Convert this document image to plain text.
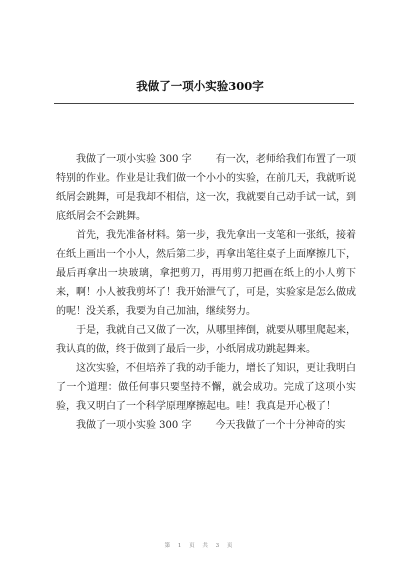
我做了一项小实验300字

我做了一项小实验 300 字 有一次，老师给我们布置了一项特别的作业。作业是让我们做一个小小的实验，在前几天，我就听说纸屑会跳舞，可是我却不相信，这一次，我就要自己动手试一试，到底纸屑会不会跳舞。

首先，我先准备材料。第一步，我先拿出一支笔和一张纸，接着在纸上画出一个小人，然后第二步，再拿出笔往桌子上面摩擦几下，最后再拿出一块玻璃，拿把剪刀，再用剪刀把画在纸上的小人剪下来，啊！小人被我剪坏了！我开始泄气了，可是，实验家是怎么做成的呢！没关系，我要为自己加油，继续努力。

于是，我就自己又做了一次，从哪里摔倒，就要从哪里爬起来，我认真的做，终于做到了最后一步，小纸屑成功跳起舞来。

这次实验，不但培养了我的动手能力，增长了知识，更让我明白了一个道理：做任何事只要坚持不懈，就会成功。完成了这项小实验，我又明白了一个科学原理摩擦起电。哇！我真是开心极了！

我做了一项小实验 300 字 今天我做了一个十分神奇的实

第 1 页 共 3 页
